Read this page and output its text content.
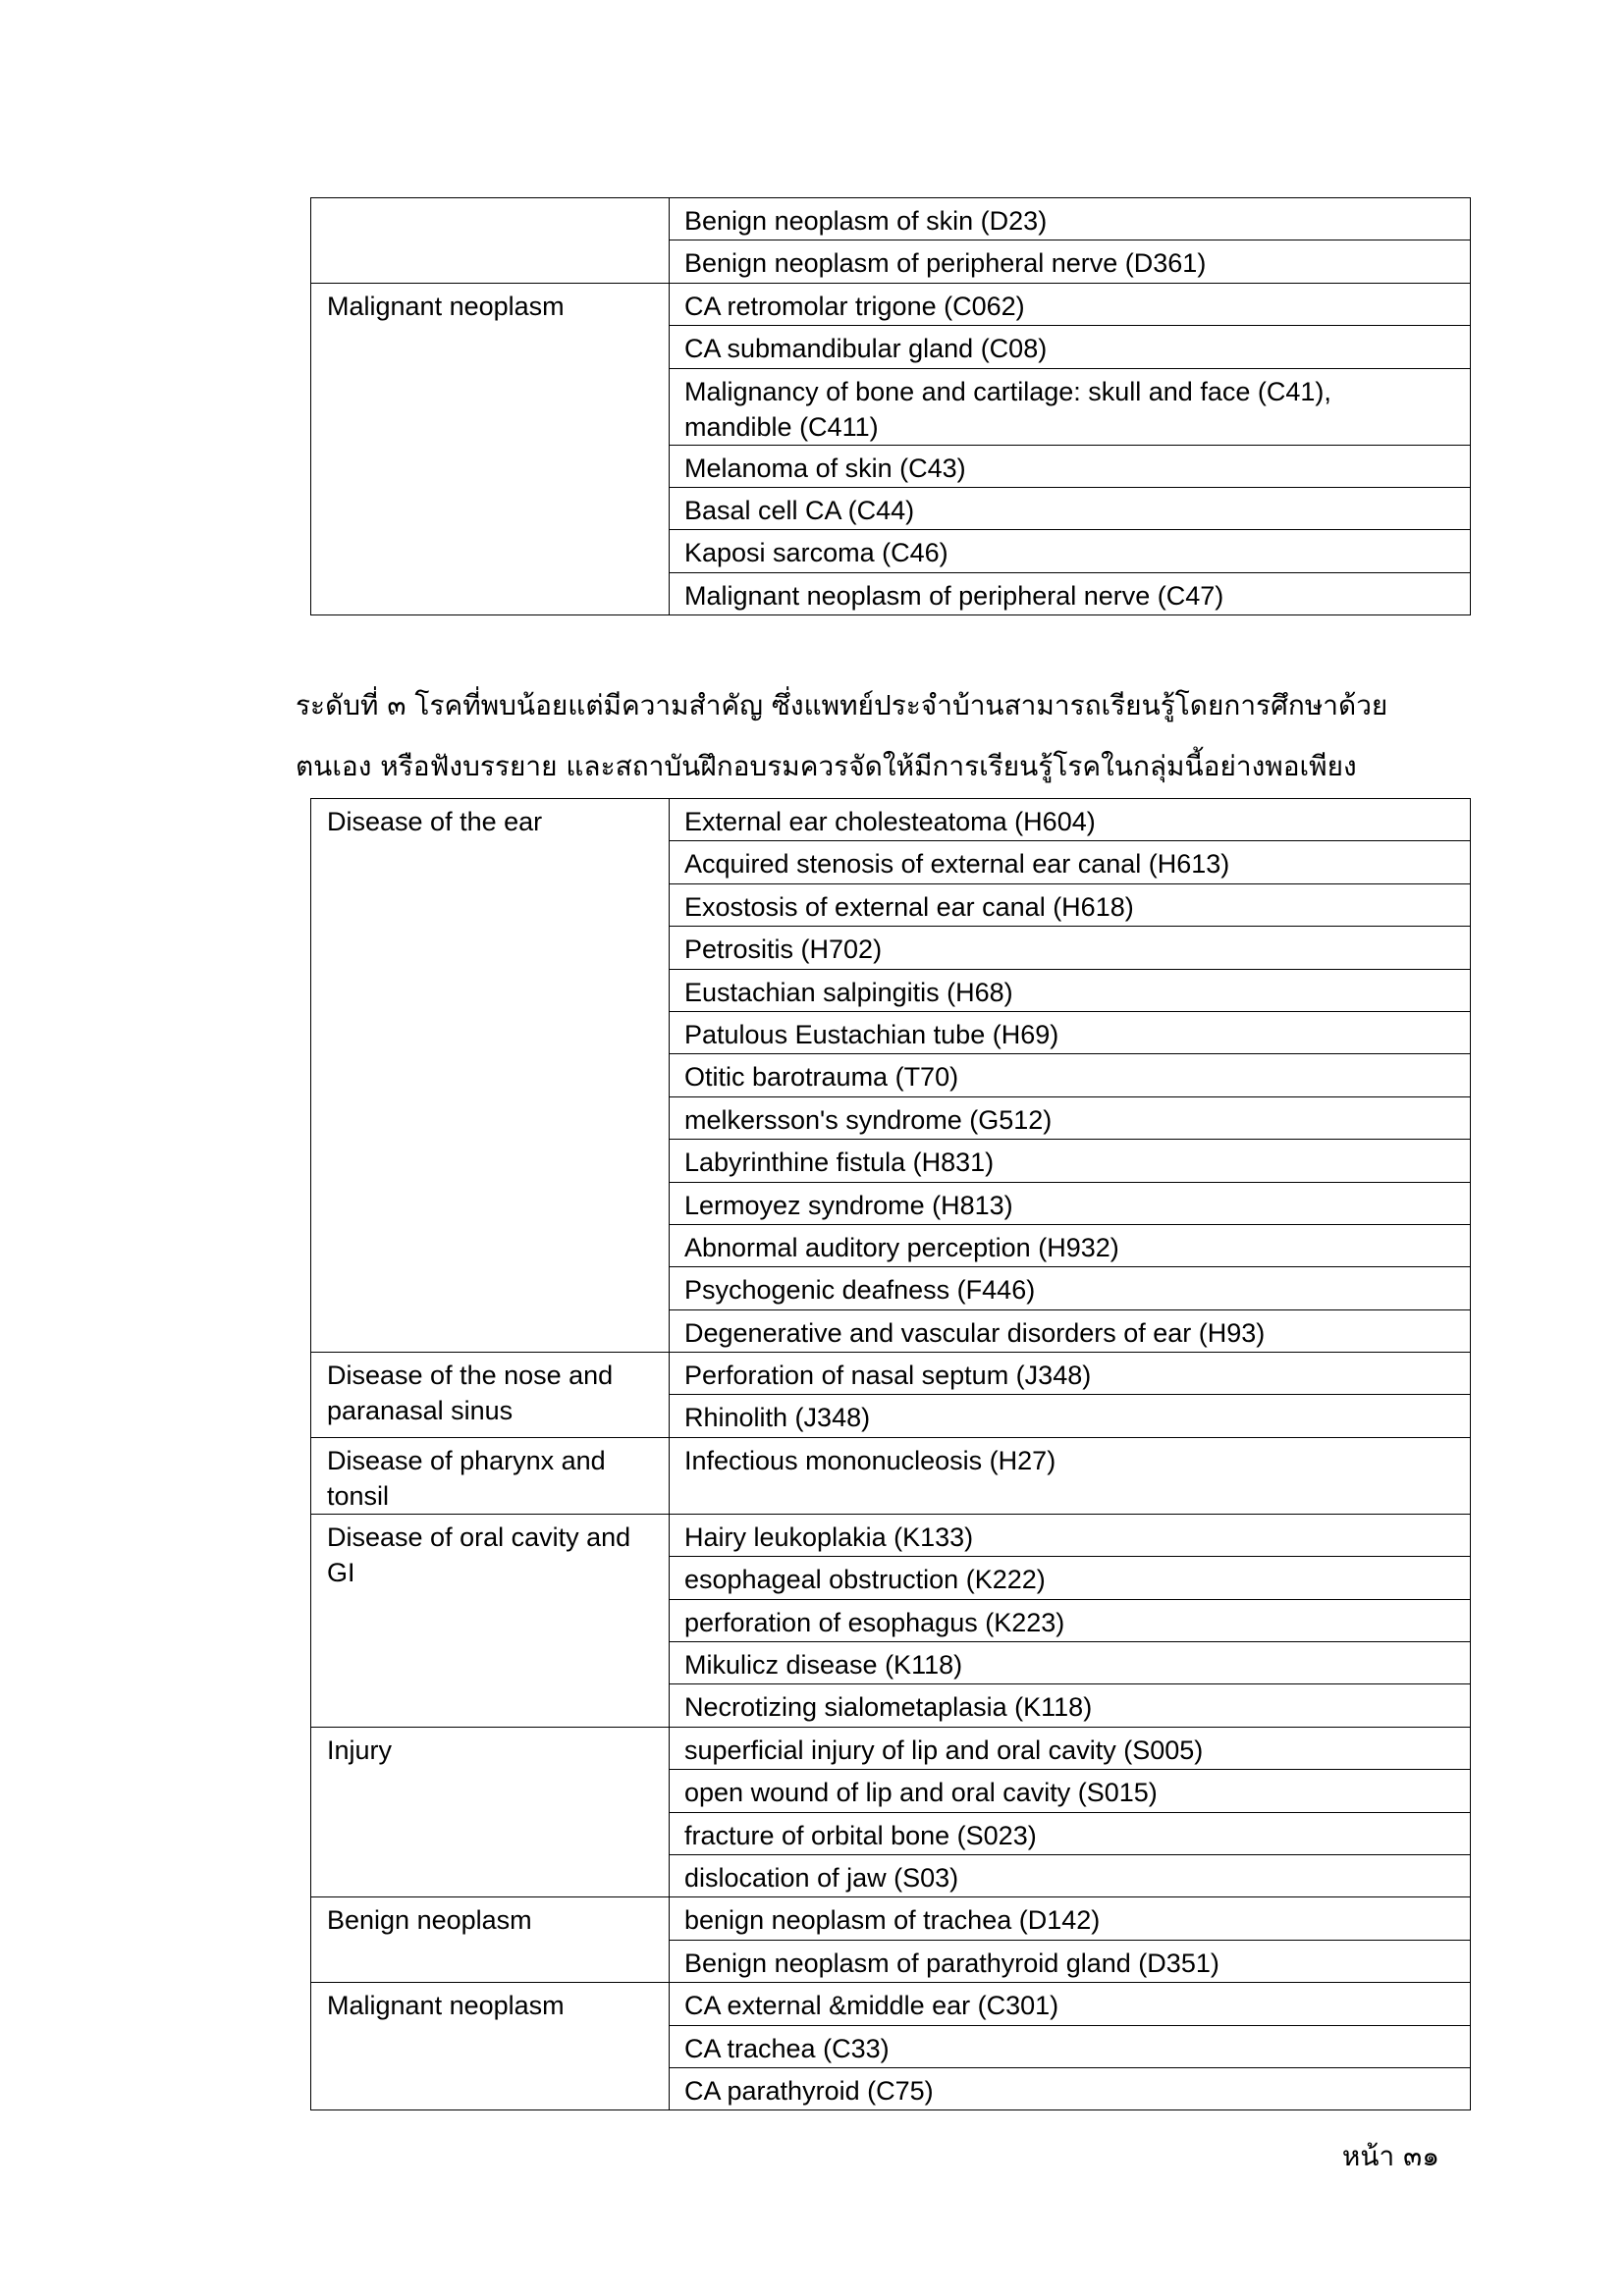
	Benign neoplasm of skin (D23)
	Benign neoplasm of peripheral nerve (D361)
Malignant neoplasm	CA retromolar trigone (C062)
	CA submandibular gland (C08)
	Malignancy of bone and cartilage: skull and face (C41),
mandible (C411)
	Melanoma of skin (C43)
	Basal cell CA (C44)
	Kaposi sarcoma (C46)
	Malignant neoplasm of peripheral nerve (C47)
ระดับที่ ๓ โรคที่พบน้อยแต่มีความสำคัญ ซึ่งแพทย์ประจำบ้านสามารถเรียนรู้โดยการศึกษาด้วย
ตนเอง หรือฟังบรรยาย และสถาบันฝึกอบรมควรจัดให้มีการเรียนรู้โรคในกลุ่มนี้อย่างพอเพียง
Disease of the ear	External ear cholesteatoma (H604)
	Acquired stenosis of external ear canal (H613)
	Exostosis of external ear canal (H618)
	Petrositis (H702)
	Eustachian salpingitis (H68)
	Patulous Eustachian tube (H69)
	Otitic barotrauma (T70)
	melkersson's syndrome (G512)
	Labyrinthine fistula (H831)
	Lermoyez syndrome (H813)
	Abnormal auditory perception (H932)
	Psychogenic deafness (F446)
	Degenerative and vascular disorders of ear (H93)
Disease of the nose and
paranasal sinus	Perforation of nasal septum (J348)
	Rhinolith (J348)
Disease of pharynx and
tonsil	Infectious mononucleosis (H27)
Disease of oral cavity and
GI	Hairy leukoplakia (K133)
	esophageal obstruction (K222)
	perforation of esophagus (K223)
	Mikulicz disease (K118)
	Necrotizing sialometaplasia (K118)
Injury	superficial injury of lip and oral cavity (S005)
	open wound of lip and oral cavity (S015)
	fracture of orbital bone (S023)
	dislocation of jaw (S03)
Benign neoplasm	benign neoplasm of trachea (D142)
	Benign neoplasm of parathyroid gland (D351)
Malignant neoplasm	CA external &middle ear (C301)
	CA trachea (C33)
	CA parathyroid (C75)
หน้า ๓๑
